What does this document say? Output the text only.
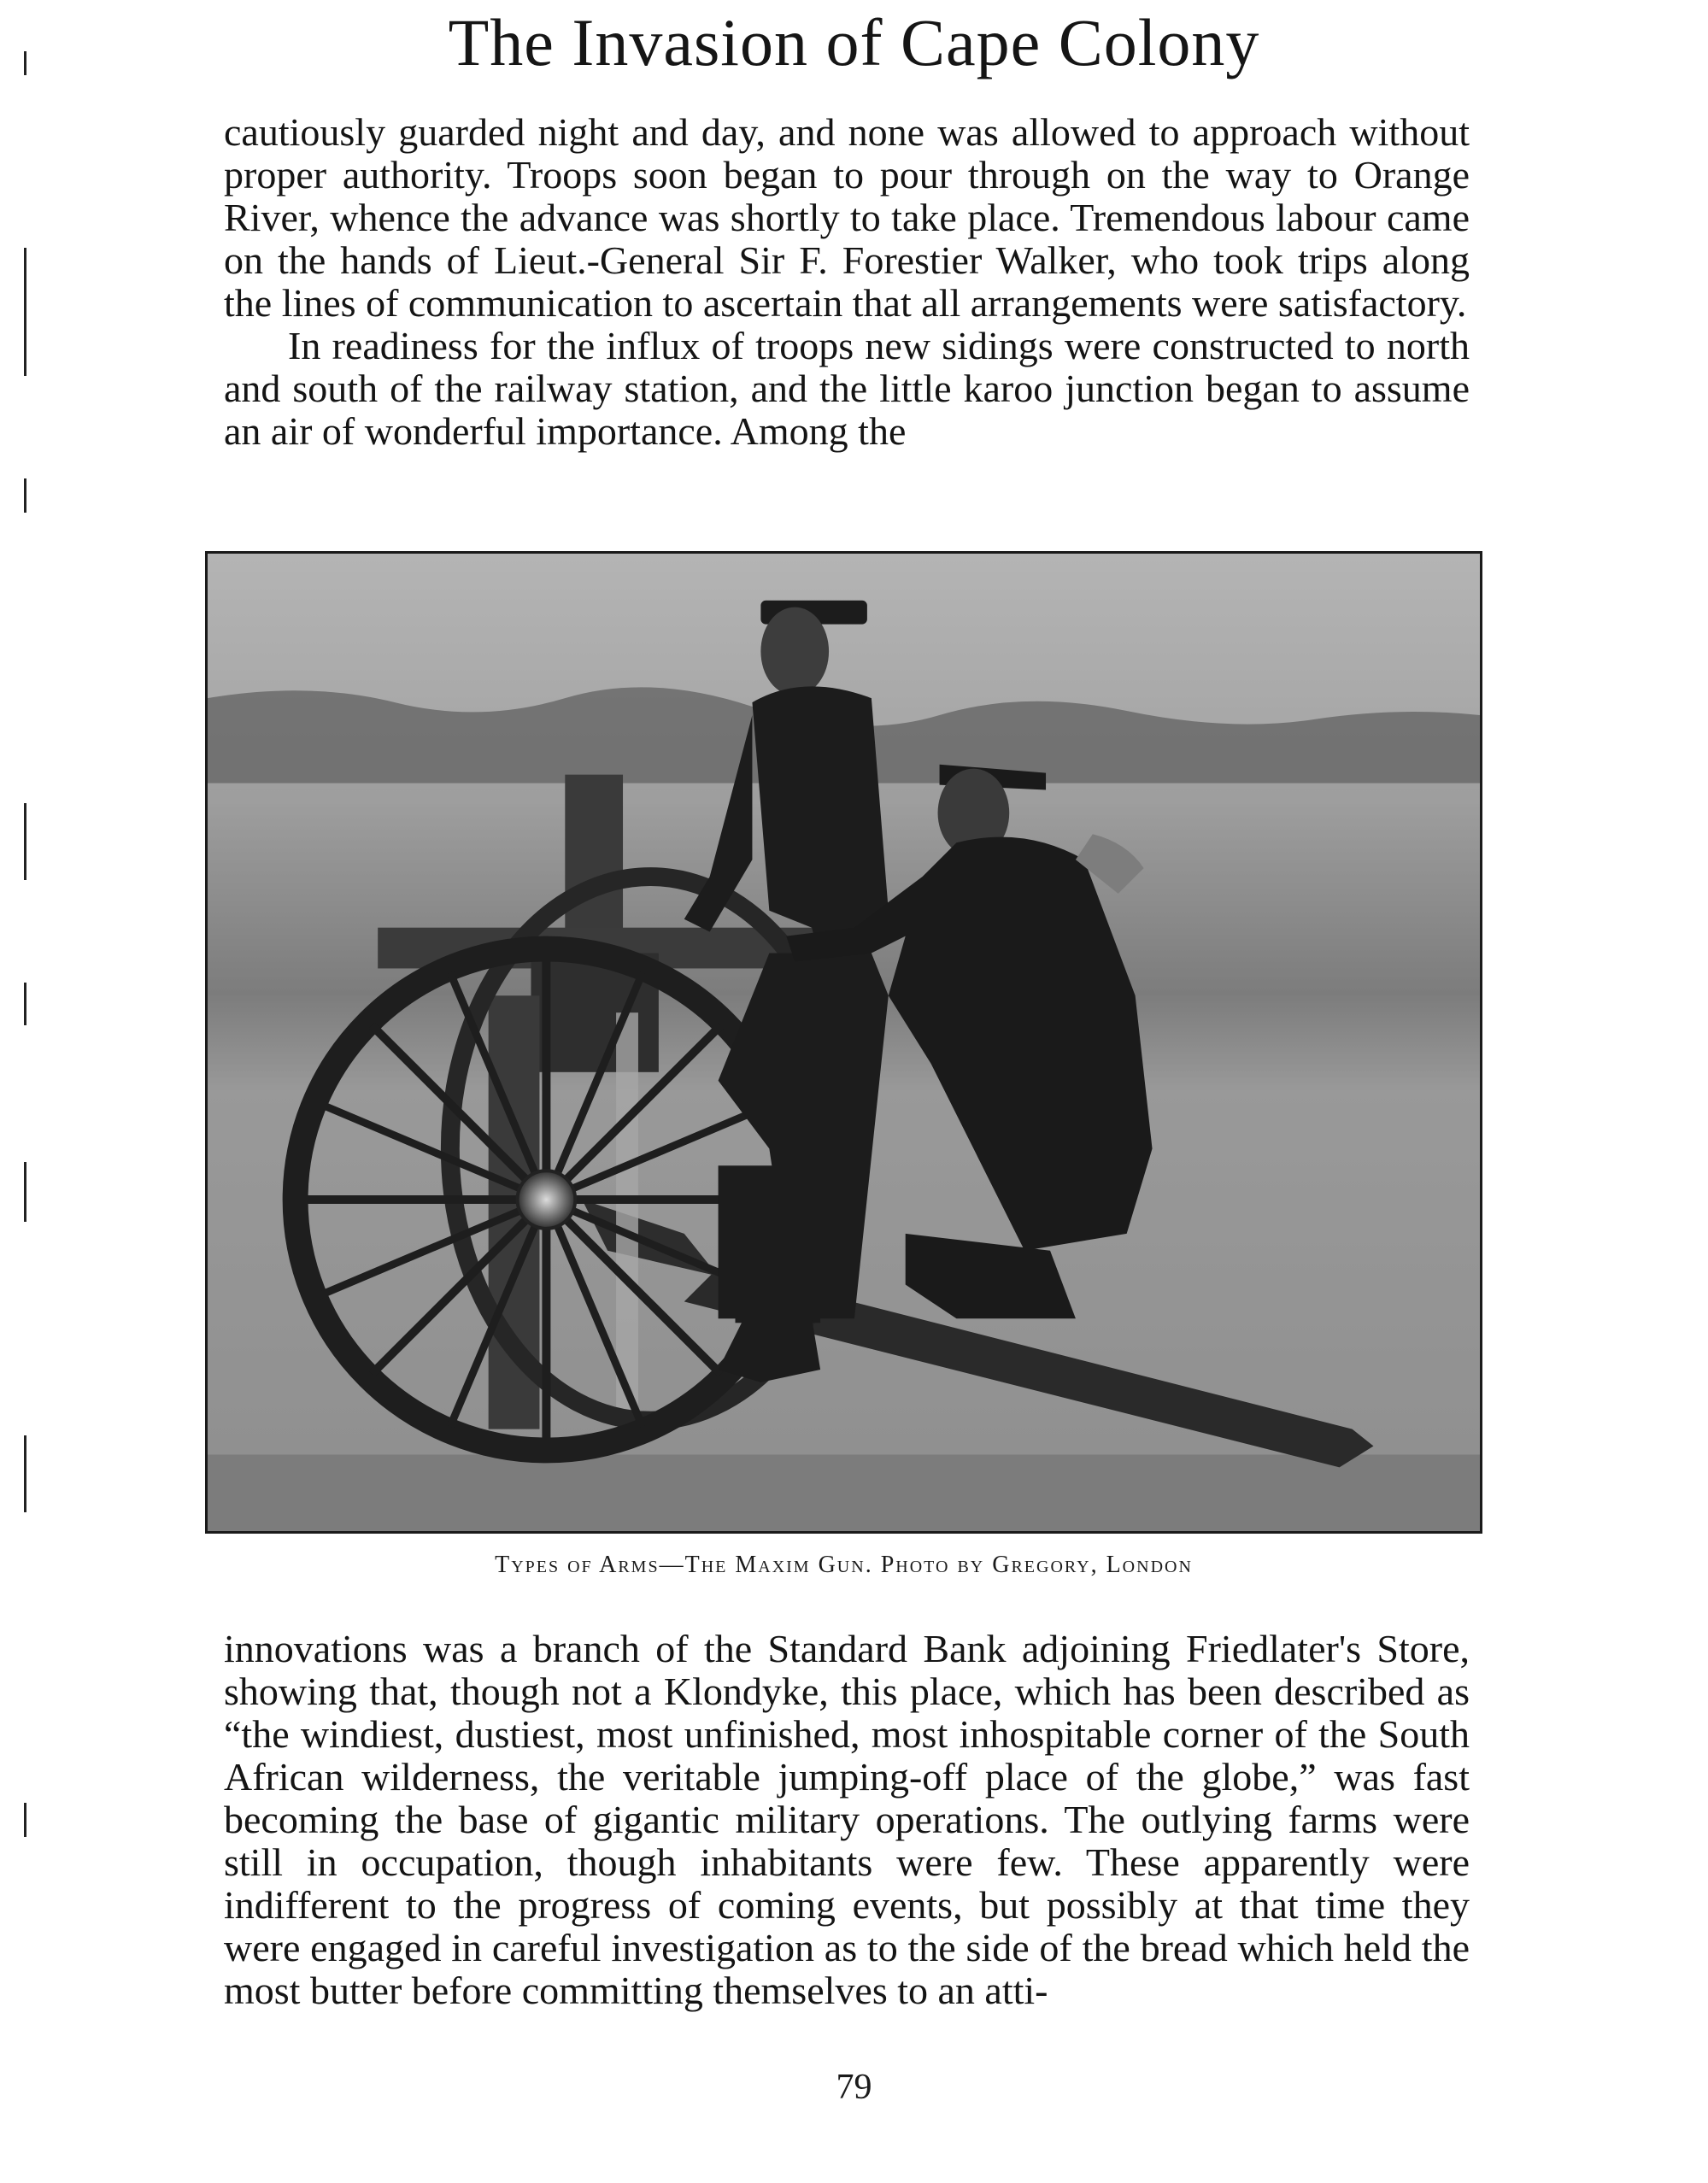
The Invasion of Cape Colony

cautiously guarded night and day, and none was allowed to approach without proper authority. Troops soon began to pour through on the way to Orange River, whence the advance was shortly to take place. Tremendous labour came on the hands of Lieut.-General Sir F. Forestier Walker, who took trips along the lines of communication to ascertain that all arrangements were satisfactory.

In readiness for the influx of troops new sidings were constructed to north and south of the railway station, and the little karoo junction began to assume an air of wonderful importance. Among the

Types of Arms—The Maxim Gun. Photo by Gregory, London

innovations was a branch of the Standard Bank adjoining Friedlater's Store, showing that, though not a Klondyke, this place, which has been described as “the windiest, dustiest, most unfinished, most inhospitable corner of the South African wilderness, the veritable jumping-off place of the globe,” was fast becoming the base of gigantic military operations. The outlying farms were still in occupation, though inhabitants were few. These apparently were indifferent to the progress of coming events, but possibly at that time they were engaged in careful investigation as to the side of the bread which held the most butter before committing themselves to an atti-

79
